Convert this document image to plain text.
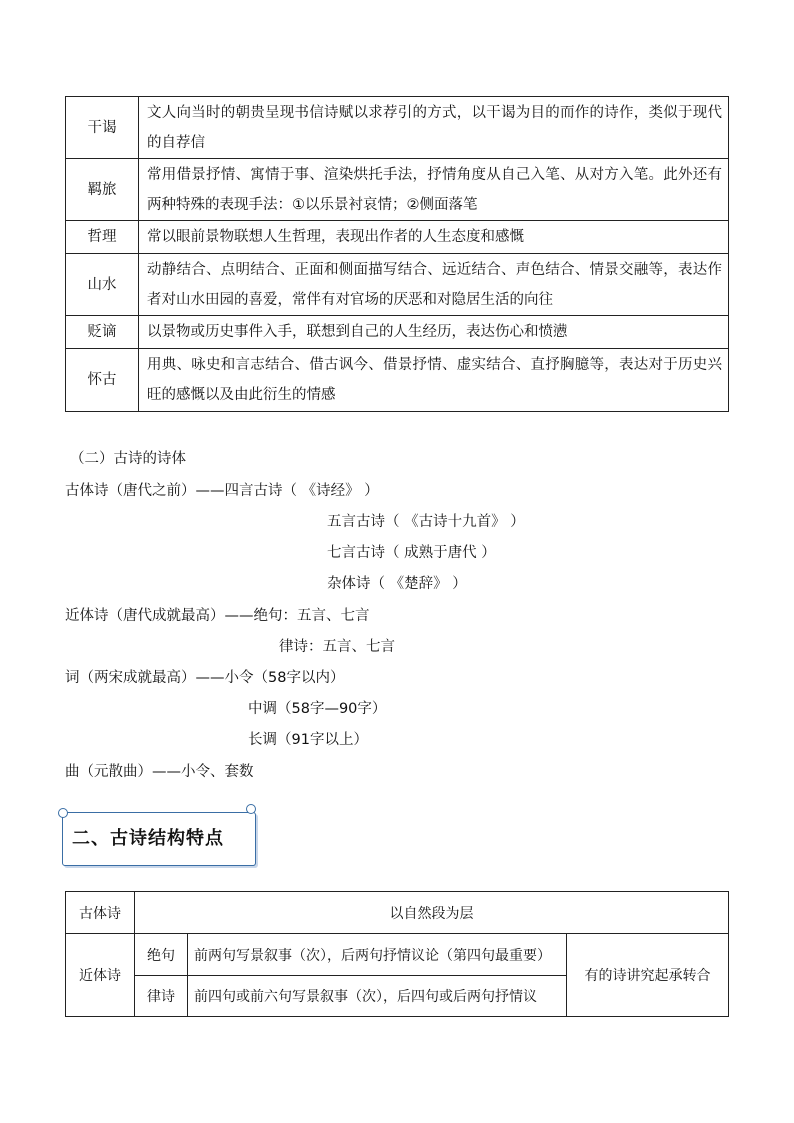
干谒	文人向当时的朝贵呈现书信诗赋以求荐引的方式，以干谒为目的而作的诗作，类似于现代的自荐信
羁旅	常用借景抒情、寓情于事、渲染烘托手法，抒情角度从自己入笔、从对方入笔。此外还有两种特殊的表现手法：①以乐景衬哀情；②侧面落笔
哲理	常以眼前景物联想人生哲理，表现出作者的人生态度和感慨
山水	动静结合、点明结合、正面和侧面描写结合、远近结合、声色结合、情景交融等，表达作者对山水田园的喜爱，常伴有对官场的厌恶和对隐居生活的向往
贬谪	以景物或历史事件入手，联想到自己的人生经历，表达伤心和愤懑
怀古	用典、咏史和言志结合、借古讽今、借景抒情、虚实结合、直抒胸臆等，表达对于历史兴旺的感慨以及由此衍生的情感
（二）古诗的诗体
古体诗（唐代之前）——四言古诗（ 《诗经》 ）
五言古诗（ 《古诗十九首》 ）
七言古诗（ 成熟于唐代 ）
杂体诗（ 《楚辞》 ）
近体诗（唐代成就最高）——绝句：五言、七言
律诗：五言、七言
词（两宋成就最高）——小令（58字以内）
中调（58字—90字）
长调（91字以上）
曲（元散曲）——小令、套数
二、古诗结构特点
古体诗	以自然段为层		
近体诗	绝句	前两句写景叙事（次），后两句抒情议论（第四句最重要）	有的诗讲究起承转合
	律诗	前四句或前六句写景叙事（次），后四句或后两句抒情议	
